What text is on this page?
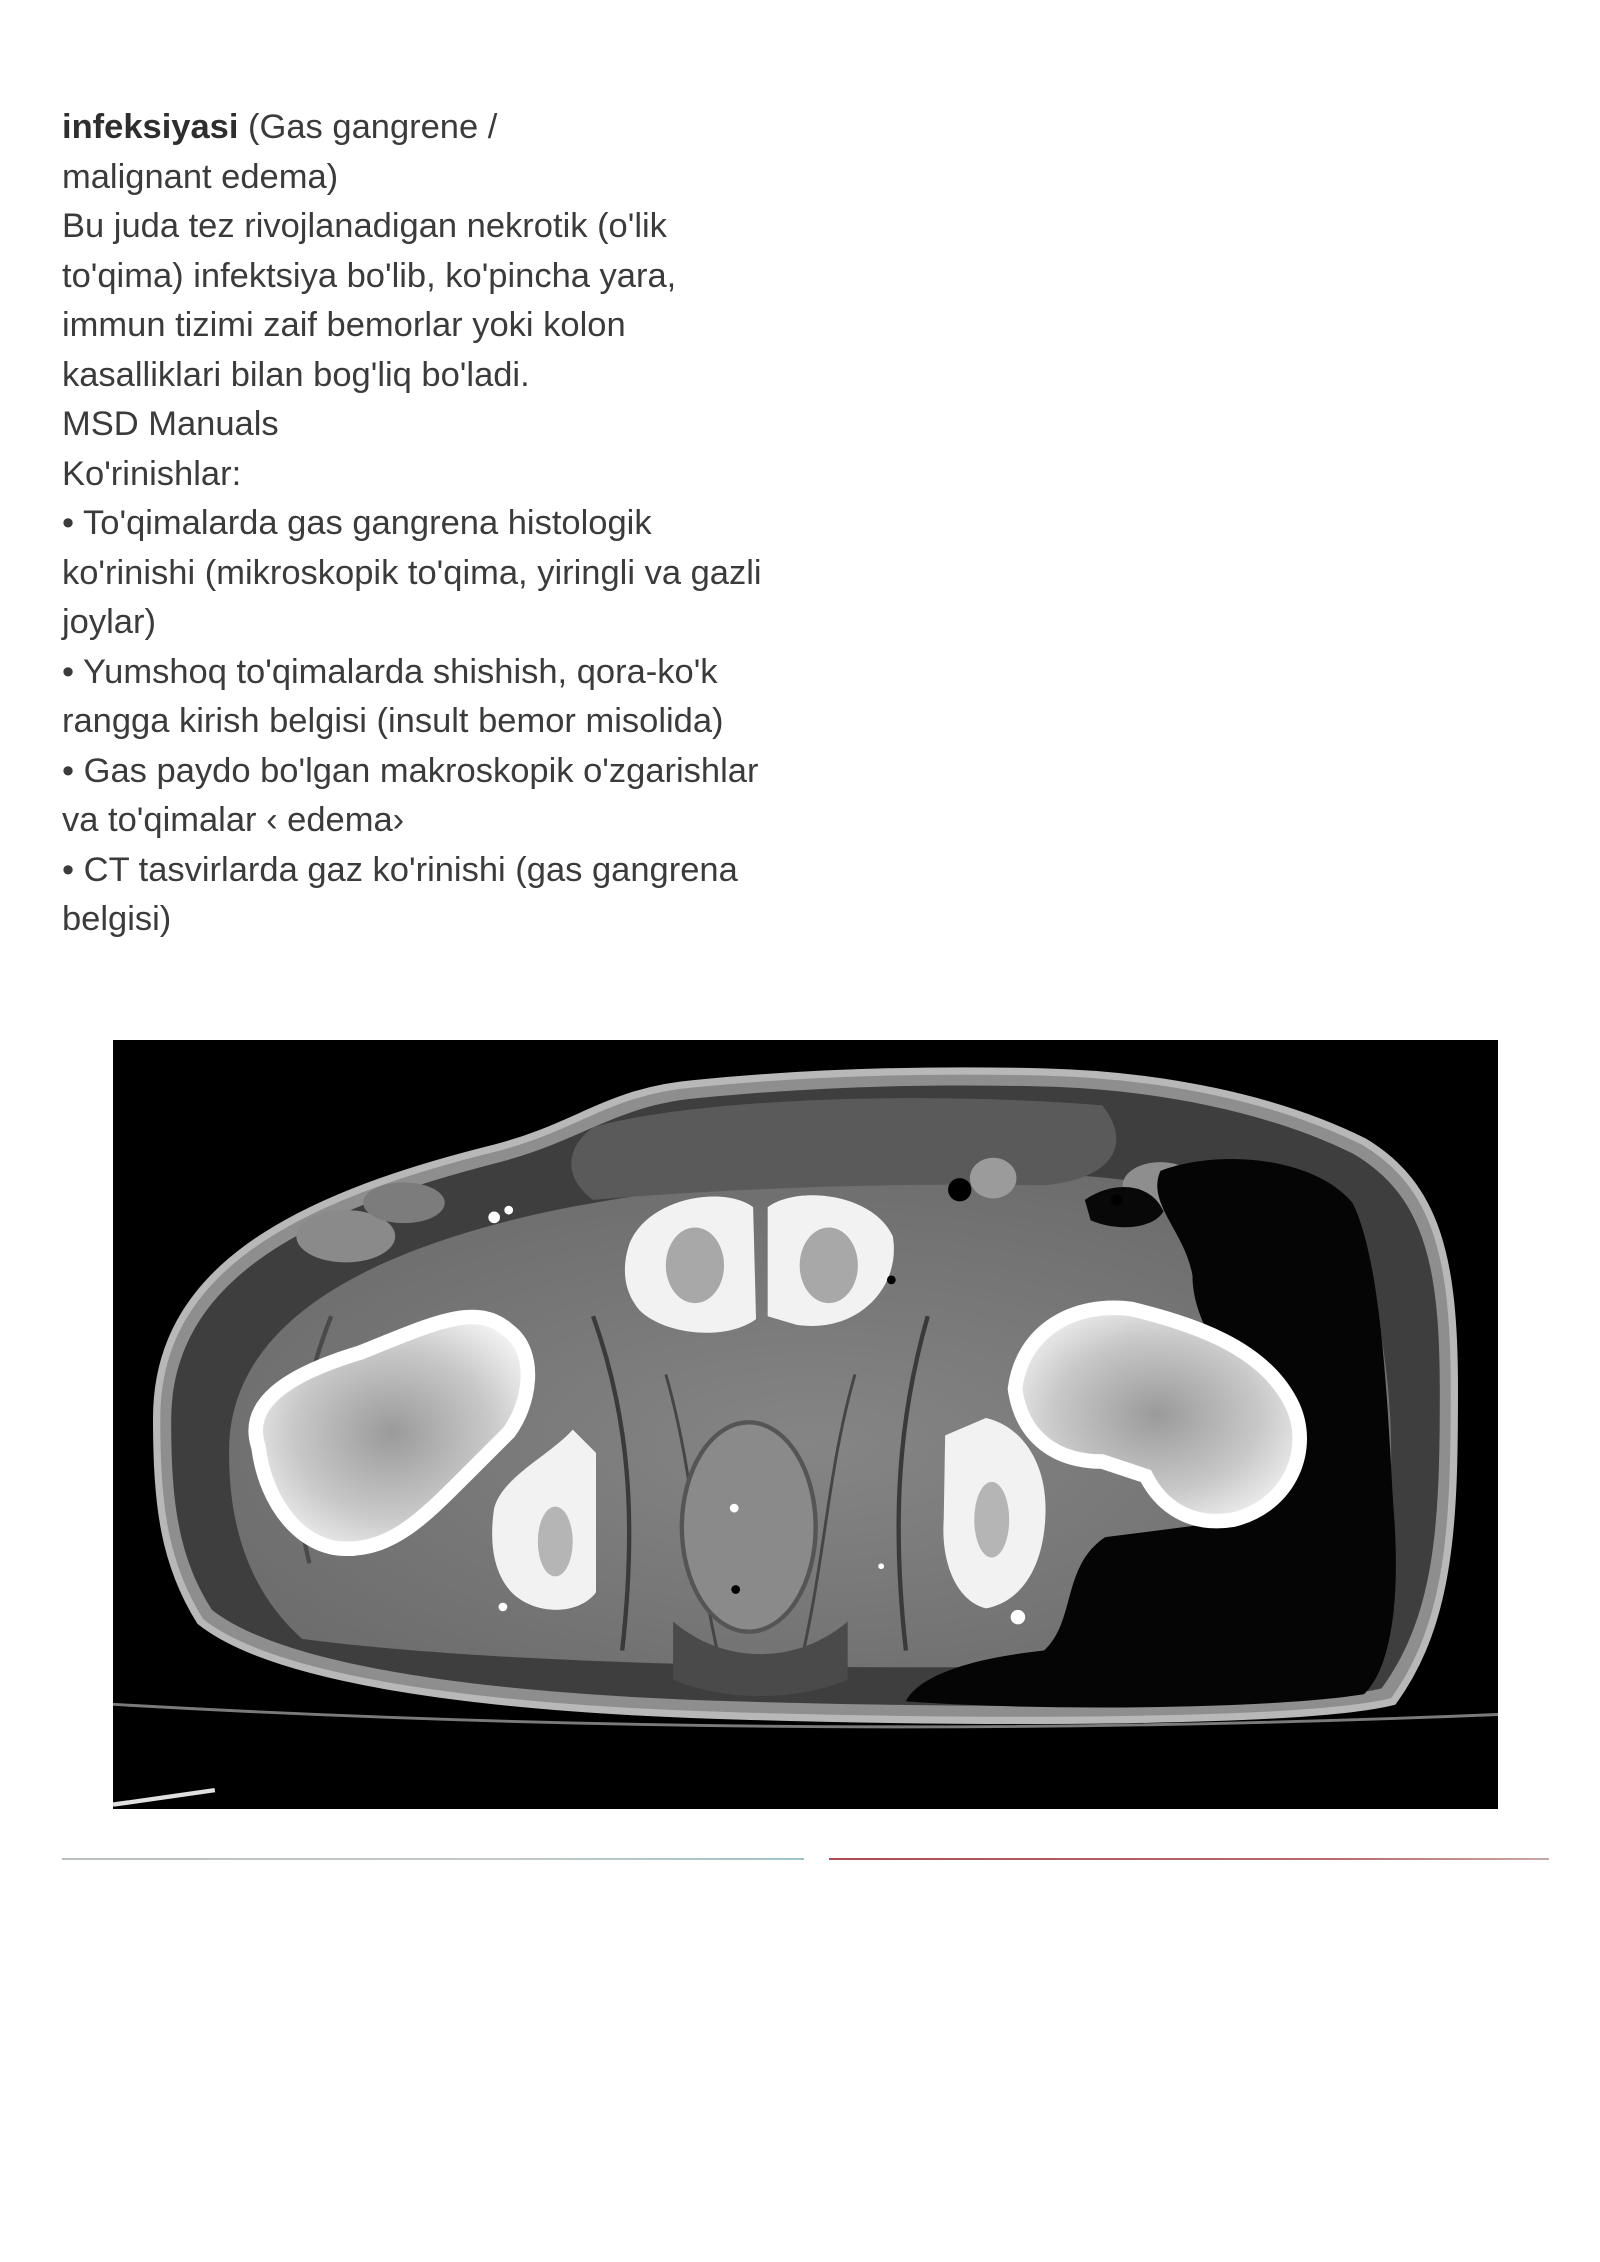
infeksiyasi (Gas gangrene /
malignant edema)
Bu juda tez rivojlanadigan nekrotik (o'lik
to'qima) infektsiya bo'lib, ko'pincha yara,
immun tizimi zaif bemorlar yoki kolon
kasalliklari bilan bog'liq bo'ladi.
MSD Manuals
Ko'rinishlar:
• To'qimalarda gas gangrena histologik
ko'rinishi (mikroskopik to'qima, yiringli va gazli
joylar)
• Yumshoq to'qimalarda shishish, qora-ko'k
rangga kirish belgisi (insult bemor misolida)
• Gas paydo bo'lgan makroskopik o'zgarishlar
va to'qimalar ‹ edema›
• CT tasvirlarda gaz ko'rinishi (gas gangrena
belgisi)
